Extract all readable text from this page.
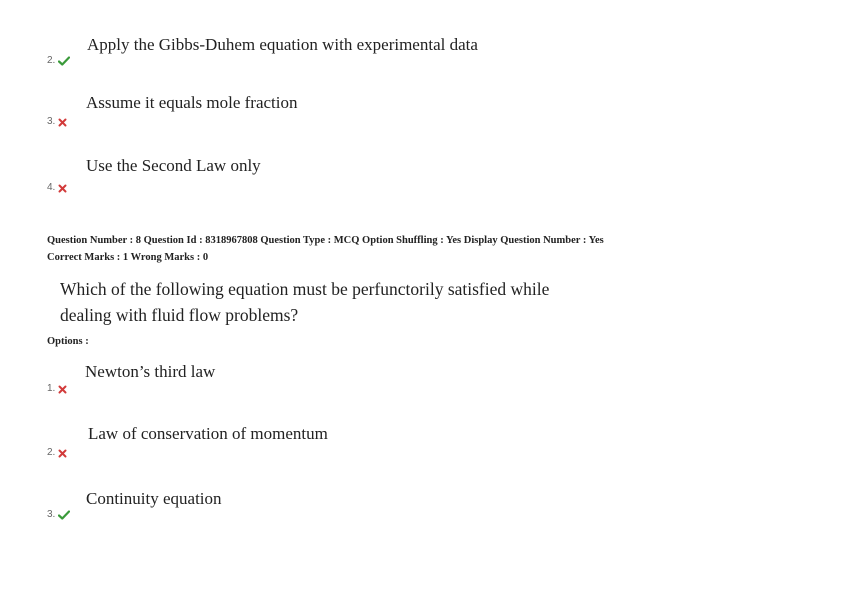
Apply the Gibbs-Duhem equation with experimental data
2.
Assume it equals mole fraction
3.
Use the Second Law only
4.
Question Number : 8 Question Id : 8318967808 Question Type : MCQ Option Shuffling : Yes Display Question Number : Yes
Correct Marks : 1 Wrong Marks : 0
Which of the following equation must be perfunctorily satisfied while
dealing with fluid flow problems?
Options :
Newton’s third law
1.
Law of conservation of momentum
2.
Continuity equation
3.
